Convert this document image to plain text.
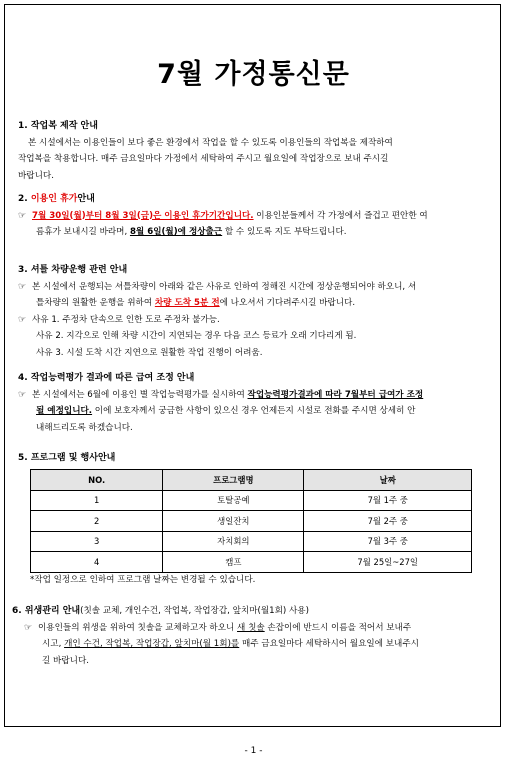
7월 가정통신문

1. 작업복 제작 안내

본 시설에서는 이용인들이 보다 좋은 환경에서 작업을 할 수 있도록 이용인들의 작업복을 제작하여

작업복을 착용합니다. 매주 금요일마다 가정에서 세탁하여 주시고 월요일에 작업장으로 보내 주시길

바랍니다.

2. 이용인 휴가안내

☞ 7월 30일(월)부터 8월 3일(금)은 이용인 휴가기간입니다. 이용인분들께서 각 가정에서 즐겁고 편안한 여
름휴가 보내시길 바라며, 8월 6일(월)에 정상출근 할 수 있도록 지도 부탁드립니다.

3. 셔틀 차량운행 관련 안내

☞ 본 시설에서 운행되는 셔틀차량이 아래와 같은 사유로 인하여 정해진 시간에 정상운행되어야 하오니, 셔
틀차량의 원활한 운행을 위하여 차량 도착 5분 전에 나오셔서 기다려주시길 바랍니다.

☞ 사유 1. 주정차 단속으로 인한 도로 주정차 불가능.

사유 2. 지각으로 인해 차량 시간이 지연되는 경우 다음 코스 등료가 오래 기다리게 됨.

사유 3. 시설 도착 시간 지연으로 원활한 작업 진행이 어려움.

4. 작업능력평가 결과에 따른 급여 조정 안내

☞ 본 시설에서는 6월에 이용인 별 작업능력평가를 실시하여 작업능력평가결과에 따라 7월부터 급여가 조정
될 예정입니다. 이에 보호자께서 궁금한 사항이 있으신 경우 언제든지 시설로 전화를 주시면 상세히 안
내해드리도록 하겠습니다.

5. 프로그램 및 행사안내

NO.	프로그램명	날짜
1	토탈공예	7월 1주 중
2	생일잔치	7월 2주 중
3	자치회의	7월 3주 중
4	캠프	7월 25일~27일
*작업 일정으로 인하여 프로그램 날짜는 변경될 수 있습니다.

6. 위생관리 안내(칫솔 교체, 개인수건, 작업복, 작업장갑, 앞치마(월1회) 사용)

☞ 이용인들의 위생을 위하여 칫솔을 교체하고자 하오니 새 칫솔 손잡이에 반드시 이름을 적어서 보내주
시고, 개인 수건, 작업복, 작업장갑, 앞치마(월 1회)를 매주 금요일마다 세탁하시어 월요일에 보내주시
길 바랍니다.

- 1 -
